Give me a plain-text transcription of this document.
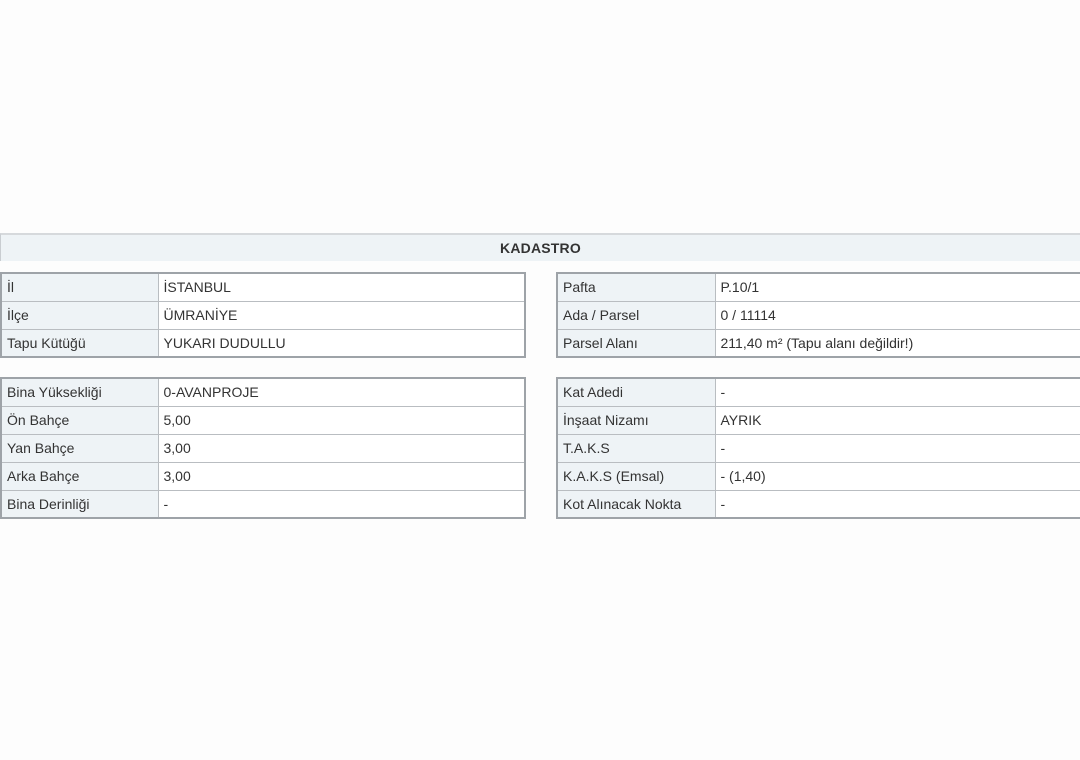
KADASTRO
İl	İSTANBUL
İlçe	ÜMRANİYE
Tapu Kütüğü	YUKARI DUDULLU
Pafta	P.10/1
Ada / Parsel	0 / 11114
Parsel Alanı	211,40 m² (Tapu alanı değildir!)
Bina Yüksekliği	0-AVANPROJE
Ön Bahçe	5,00
Yan Bahçe	3,00
Arka Bahçe	3,00
Bina Derinliği	-
Kat Adedi	-
İnşaat Nizamı	AYRIK
T.A.K.S	-
K.A.K.S (Emsal)	- (1,40)
Kot Alınacak Nokta	-
